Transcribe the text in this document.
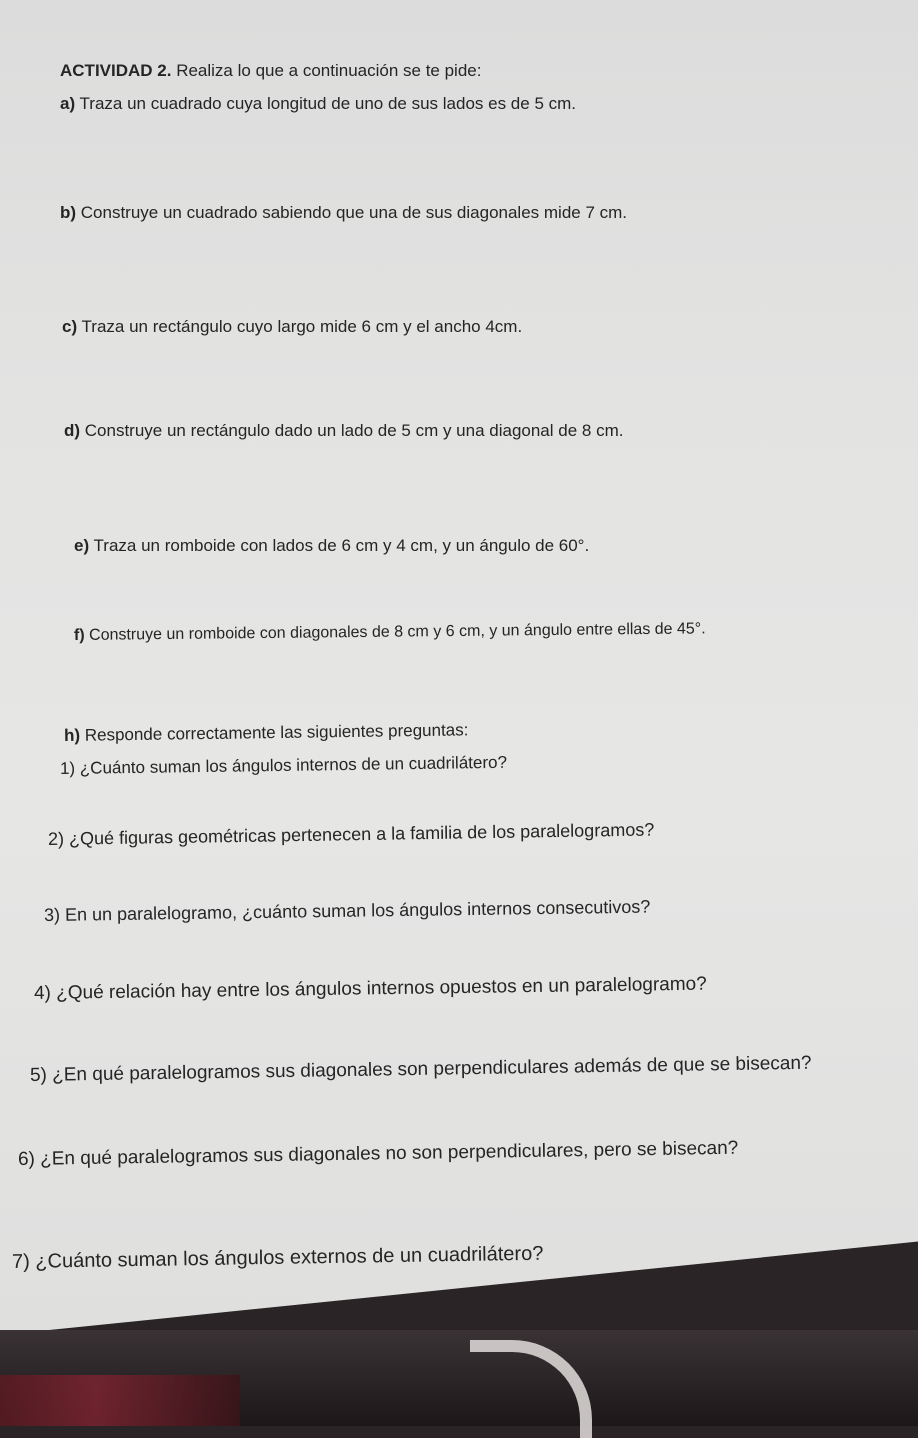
ACTIVIDAD 2. Realiza lo que a continuación se te pide:
a) Traza un cuadrado cuya longitud de uno de sus lados es de 5 cm.
b) Construye un cuadrado sabiendo que una de sus diagonales mide 7 cm.
c) Traza un rectángulo cuyo largo mide 6 cm y el ancho 4cm.
d) Construye un rectángulo dado un lado de 5 cm y una diagonal de 8 cm.
e) Traza un romboide con lados de 6 cm y 4 cm, y un ángulo de 60°.
f) Construye un romboide con diagonales de 8 cm y 6 cm, y un ángulo entre ellas de 45°.
h) Responde correctamente las siguientes preguntas:
1) ¿Cuánto suman los ángulos internos de un cuadrilátero?
2) ¿Qué figuras geométricas pertenecen a la familia de los paralelogramos?
3) En un paralelogramo, ¿cuánto suman los ángulos internos consecutivos?
4) ¿Qué relación hay entre los ángulos internos opuestos en un paralelogramo?
5) ¿En qué paralelogramos sus diagonales son perpendiculares además de que se bisecan?
6) ¿En qué paralelogramos sus diagonales no son perpendiculares, pero se bisecan?
7) ¿Cuánto suman los ángulos externos de un cuadrilátero?
